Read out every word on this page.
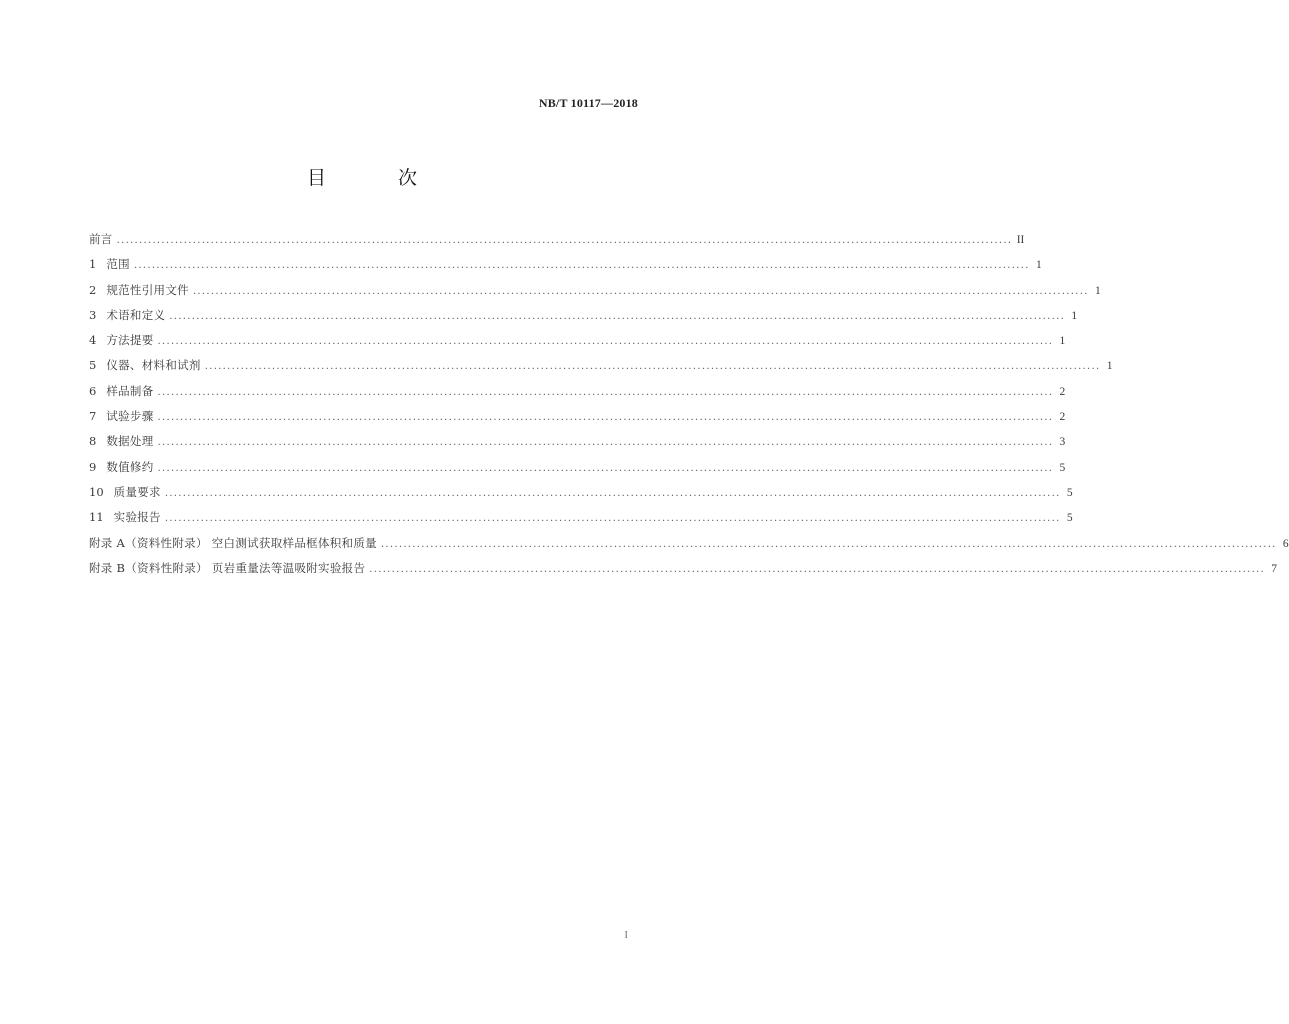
NB/T 10117—2018
目 次
前言 ........................................................................................................................................................................................................ II
1 范围 ........................................................................................................................................................................................................ 1
2 规范性引用文件 ........................................................................................................................................................................................................ 1
3 术语和定义 ........................................................................................................................................................................................................ 1
4 方法提要 ........................................................................................................................................................................................................ 1
5 仪器、材料和试剂 ........................................................................................................................................................................................................ 1
6 样品制备 ........................................................................................................................................................................................................ 2
7 试验步骤 ........................................................................................................................................................................................................ 2
8 数据处理 ........................................................................................................................................................................................................ 3
9 数值修约 ........................................................................................................................................................................................................ 5
10 质量要求 ........................................................................................................................................................................................................ 5
11 实验报告 ........................................................................................................................................................................................................ 5
附录 A（资料性附录） 空白测试获取样品框体积和质量 ........................................................................................................................................................................................................ 6
附录 B（资料性附录） 页岩重量法等温吸附实验报告 ........................................................................................................................................................................................................ 7
I
